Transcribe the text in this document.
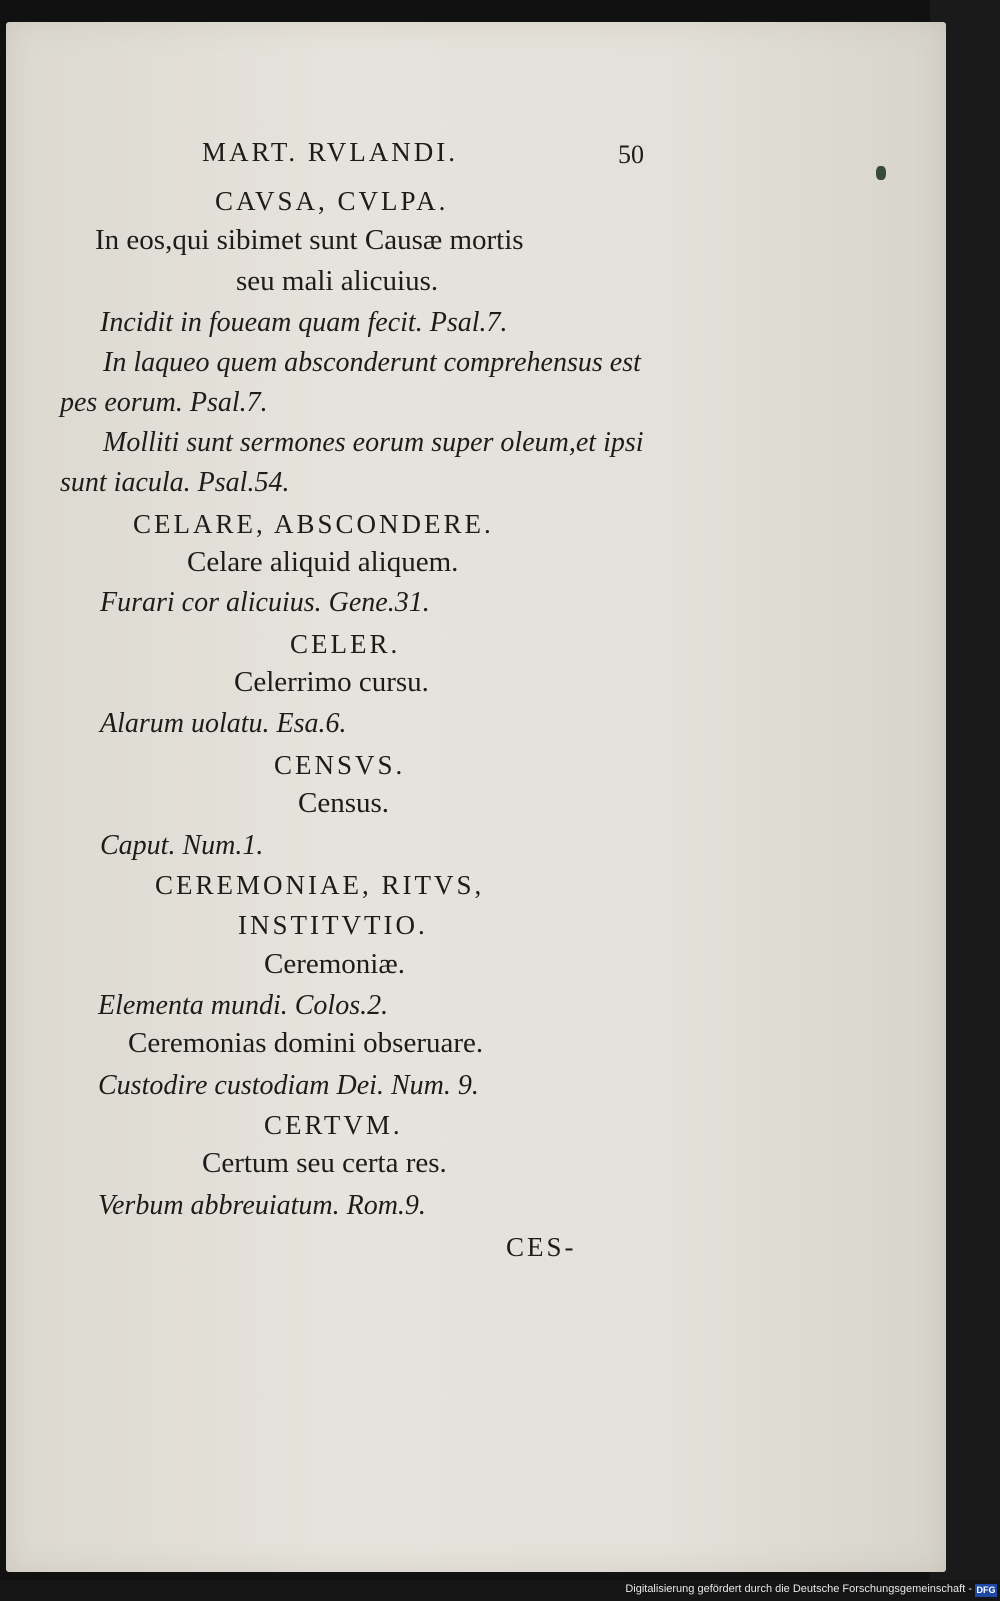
MART. RVLANDI.	50
CAVSA, CVLPA.
In eos,qui sibimet sunt Causæ mortis
seu mali alicuius.
Incidit in foueam quam fecit. Psal.7.
In laqueo quem absconderunt comprehensus est
pes eorum. Psal.7.
Molliti sunt sermones eorum super oleum,et ipsi
sunt iacula. Psal.54.
CELARE, ABSCONDERE.
Celare aliquid aliquem.
Furari cor alicuius. Gene.31.
CELER.
Celerrimo cursu.
Alarum uolatu. Esa.6.
CENSVS.
Census.
Caput. Num.1.
CEREMONIAE, RITVS,
INSTITVTIO.
Ceremoniæ.
Elementa mundi. Colos.2.
Ceremonias domini obseruare.
Custodire custodiam Dei. Num. 9.
CERTVM.
Certum seu certa res.
Verbum abbreuiatum. Rom.9.
CES-
Digitalisierung gefördert durch die Deutsche Forschungsgemeinschaft - DFG
